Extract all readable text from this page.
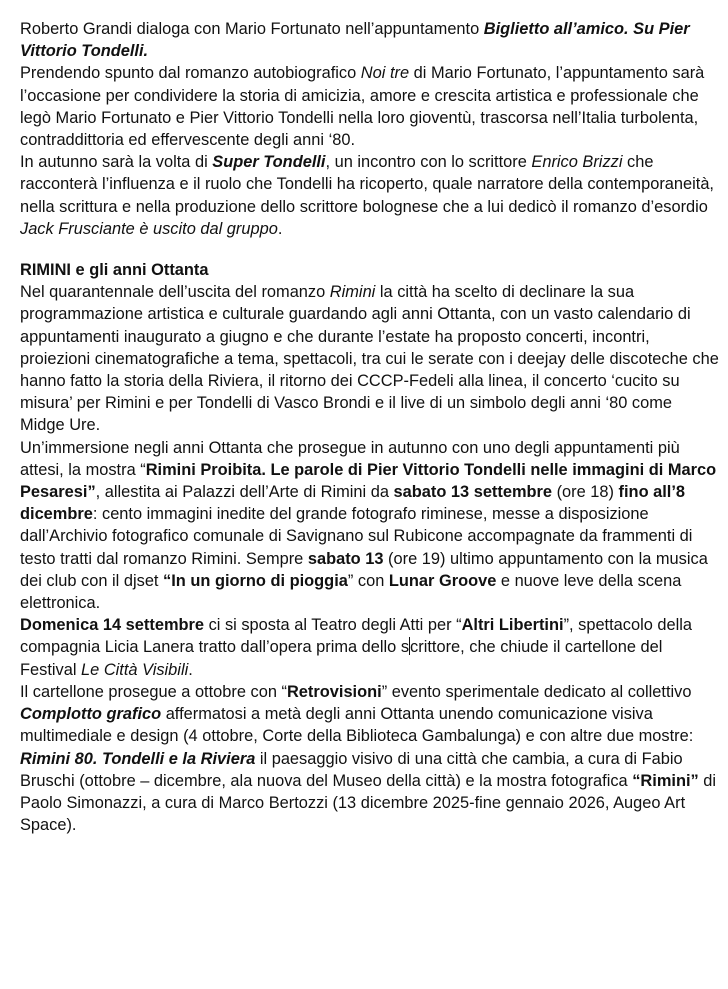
Roberto Grandi dialoga con Mario Fortunato nell’appuntamento Biglietto all’amico. Su Pier Vittorio Tondelli.

Prendendo spunto dal romanzo autobiografico Noi tre di Mario Fortunato, l’appuntamento sarà l’occasione per condividere la storia di amicizia, amore e crescita artistica e professionale che legò Mario Fortunato e Pier Vittorio Tondelli nella loro gioventù, trascorsa nell’Italia turbolenta, contraddittoria ed effervescente degli anni ‘80.

In autunno sarà la volta di Super Tondelli, un incontro con lo scrittore Enrico Brizzi che racconterà l’influenza e il ruolo che Tondelli ha ricoperto, quale narratore della contemporaneità, nella scrittura e nella produzione dello scrittore bolognese che a lui dedicò il romanzo d’esordio Jack Frusciante è uscito dal gruppo.

RIMINI e gli anni Ottanta

Nel quarantennale dell’uscita del romanzo Rimini la città ha scelto di declinare la sua programmazione artistica e culturale guardando agli anni Ottanta, con un vasto calendario di appuntamenti inaugurato a giugno e che durante l’estate ha proposto concerti, incontri, proiezioni cinematografiche a tema, spettacoli, tra cui le serate con i deejay delle discoteche che hanno fatto la storia della Riviera, il ritorno dei CCCP-Fedeli alla linea, il concerto ‘cucito su misura’ per Rimini e per Tondelli di Vasco Brondi e il live di un simbolo degli anni ‘80 come Midge Ure.

Un’immersione negli anni Ottanta che prosegue in autunno con uno degli appuntamenti più attesi, la mostra “Rimini Proibita. Le parole di Pier Vittorio Tondelli nelle immagini di Marco Pesaresi”, allestita ai Palazzi dell’Arte di Rimini da sabato 13 settembre (ore 18) fino all’8 dicembre: cento immagini inedite del grande fotografo riminese, messe a disposizione dall’Archivio fotografico comunale di Savignano sul Rubicone accompagnate da frammenti di testo tratti dal romanzo Rimini. Sempre sabato 13 (ore 19) ultimo appuntamento con la musica dei club con il djset “In un giorno di pioggia” con Lunar Groove e nuove leve della scena elettronica.

Domenica 14 settembre ci si sposta al Teatro degli Atti per “Altri Libertini”, spettacolo della compagnia Licia Lanera tratto dall’opera prima dello scrittore, che chiude il cartellone del Festival Le Città Visibili.

Il cartellone prosegue a ottobre con “Retrovisioni” evento sperimentale dedicato al collettivo Complotto grafico affermatosi a metà degli anni Ottanta unendo comunicazione visiva multimediale e design (4 ottobre, Corte della Biblioteca Gambalunga) e con altre due mostre: Rimini 80. Tondelli e la Riviera il paesaggio visivo di una città che cambia, a cura di Fabio Bruschi (ottobre – dicembre, ala nuova del Museo della città) e la mostra fotografica “Rimini” di Paolo Simonazzi, a cura di Marco Bertozzi (13 dicembre 2025-fine gennaio 2026, Augeo Art Space).
